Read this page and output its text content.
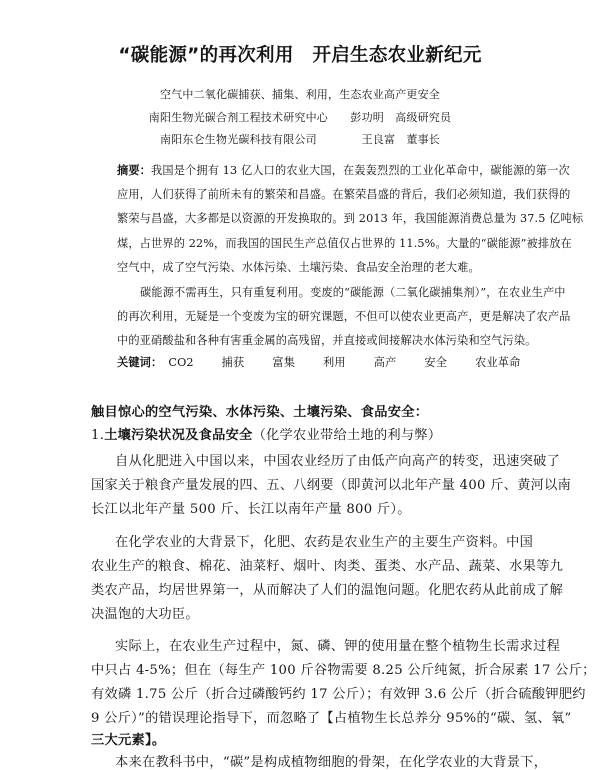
“碳能源”的再次利用　开启生态农业新纪元
空气中二氧化碳捕获、捕集、利用，生态农业高产更安全
南阳生物光碳合剂工程技术研究中心　　彭功明　高级研究员
南阳东仑生物光碳科技有限公司　　　　王良富　董事长
摘要：我国是个拥有 13 亿人口的农业大国，在轰轰烈烈的工业化革命中，碳能源的第一次
应用，人们获得了前所未有的繁荣和昌盛。在繁荣昌盛的背后，我们必须知道，我们获得的
繁荣与昌盛，大多都是以资源的开发换取的。到 2013 年，我国能源消费总量为 37.5 亿吨标
煤，占世界的 22%，而我国的国民生产总值仅占世界的 11.5%。大量的“碳能源”被排放在
空气中，成了空气污染、水体污染、土壤污染、食品安全治理的老大难。
碳能源不需再生，只有重复利用。变废的“碳能源（二氧化碳捕集剂）”，在农业生产中
的再次利用，无疑是一个变废为宝的研究课题，不但可以使农业更高产，更是解决了农产品
中的亚硝酸盐和各种有害重金属的高残留，并直接或间接解决水体污染和空气污染。
关键词： CO2	捕获	富集	利用	高产	安全	农业革命
触目惊心的空气污染、水体污染、土壤污染、食品安全：
1.土壤污染状况及食品安全（化学农业带给土地的利与弊）
自从化肥进入中国以来，中国农业经历了由低产向高产的转变，迅速突破了
国家关于粮食产量发展的四、五、八纲要（即黄河以北年产量 400 斤、黄河以南
长江以北年产量 500 斤、长江以南年产量 800 斤）。
在化学农业的大背景下，化肥、农药是农业生产的主要生产资料。中国
农业生产的粮食、棉花、油菜籽、烟叶、肉类、蛋类、水产品、蔬菜、水果等九
类农产品，均居世界第一，从而解决了人们的温饱问题。化肥农药从此前成了解
决温饱的大功臣。
实际上，在农业生产过程中，氮、磷、钾的使用量在整个植物生长需求过程
中只占 4-5%；但在（每生产 100 斤谷物需要 8.25 公斤纯氮，折合尿素 17 公斤；
有效磷 1.75 公斤（折合过磷酸钙约 17 公斤）；有效钾 3.6 公斤（折合硫酸钾肥约
9 公斤）”的错误理论指导下，而忽略了【占植物生长总养分 95%的“碳、氢、氧”
三大元素】。
本来在教科书中，“碳”是构成植物细胞的骨架，在化学农业的大背景下，
